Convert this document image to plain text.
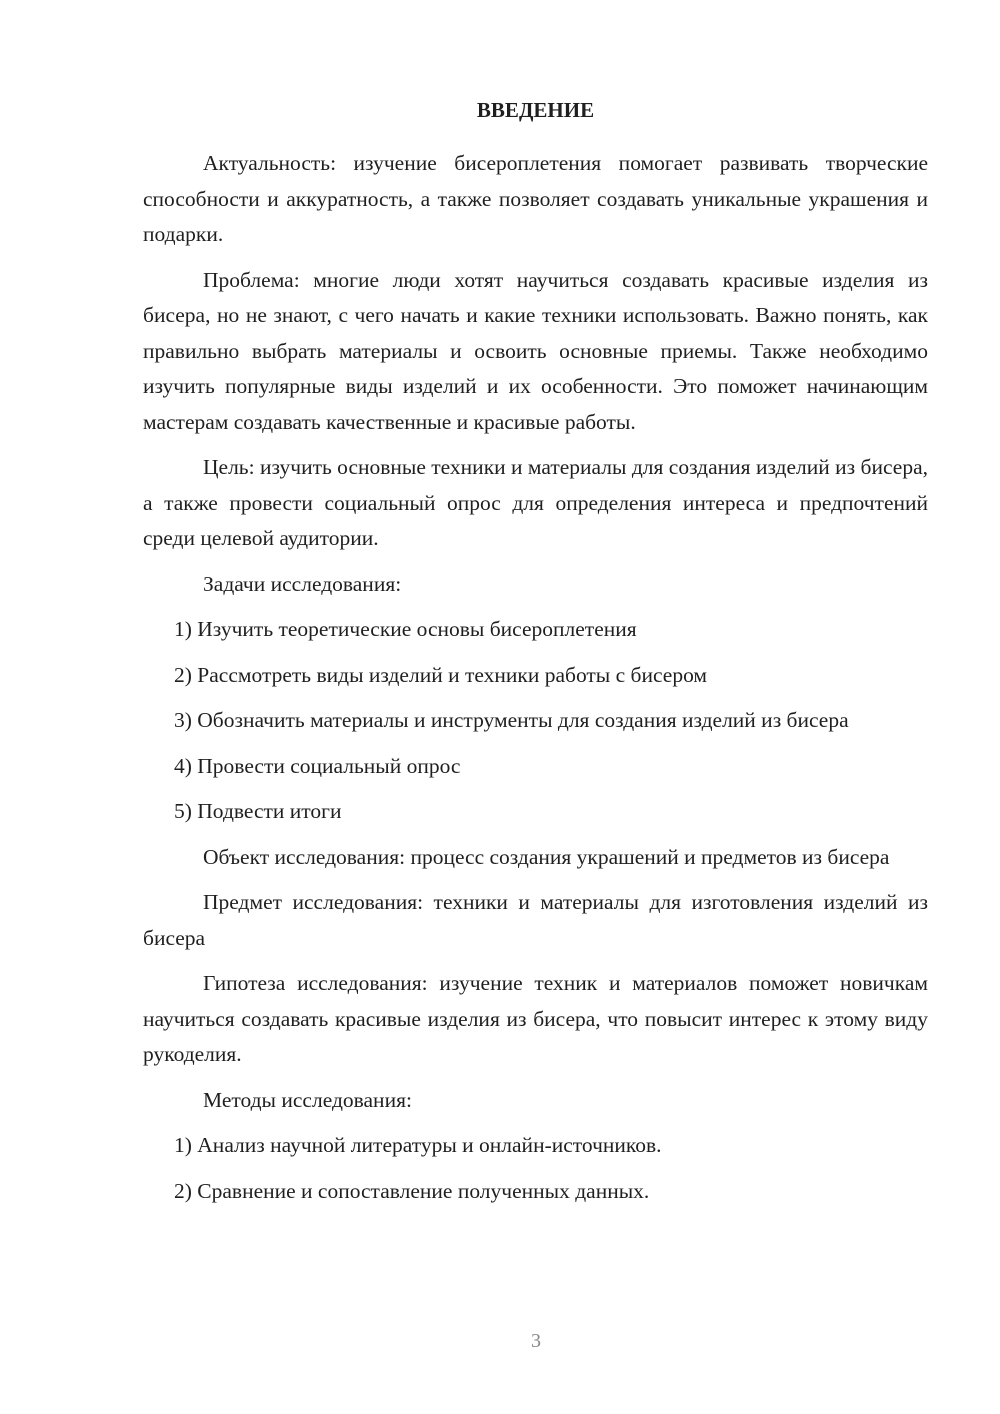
ВВЕДЕНИЕ

Актуальность: изучение бисероплетения помогает развивать творческие способности и аккуратность, а также позволяет создавать уникальные украшения и подарки.

Проблема: многие люди хотят научиться создавать красивые изделия из бисера, но не знают, с чего начать и какие техники использовать. Важно понять, как правильно выбрать материалы и освоить основные приемы. Также необходимо изучить популярные виды изделий и их особенности. Это поможет начинающим мастерам создавать качественные и красивые работы.

Цель: изучить основные техники и материалы для создания изделий из бисера, а также провести социальный опрос для определения интереса и предпочтений среди целевой аудитории.

Задачи исследования:

1) Изучить теоретические основы бисероплетения

2) Рассмотреть виды изделий и техники работы с бисером

3) Обозначить материалы и инструменты для создания изделий из бисера

4) Провести социальный опрос

5) Подвести итоги

Объект исследования: процесс создания украшений и предметов из бисера

Предмет исследования: техники и материалы для изготовления изделий из бисера

Гипотеза исследования: изучение техник и материалов поможет новичкам научиться создавать красивые изделия из бисера, что повысит интерес к этому виду рукоделия.

Методы исследования:

1) Анализ научной литературы и онлайн-источников.

2) Сравнение и сопоставление полученных данных.

3
